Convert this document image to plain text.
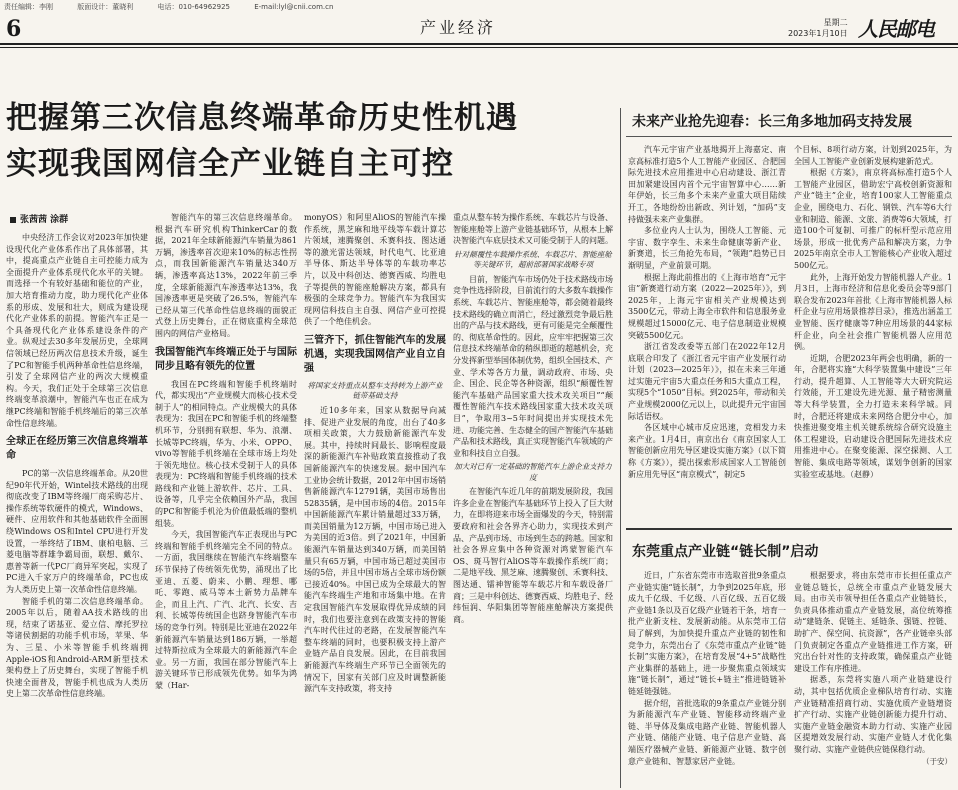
责任编辑：李刚	版面设计：董晓利	电话：010-64962925	E-mail:lyl@cnii.com.cn
6	产业经济	星期二
2023年1月10日 人民邮电
把握第三次信息终端革命历史性机遇
实现我国网信全产业链自主可控
张茜茜 涂群

中央经济工作会议对2023年加快建设现代化产业体系作出了具体部署，其中，提高重点产业链自主可控能力成为全面提升产业体系现代化水平的关键。而选择一个有较好基础和能位的产业，加大培育推动力度，助力现代化产业体系的形成、发展和壮大，则成为建设现代化产业体系的前提。智能汽车正是一个具备现代化产业体系建设条件的产业。纵观过去30多年发展历史，全球网信领域已经历两次信息技术升级，诞生了PC和智能手机两种革命性信息终端，引发了全球网信产业的两次大规模重构。今天，我们正处于全球第三次信息终端变革浪潮中，智能汽车也正在成为继PC终端和智能手机终端后的第三次革命性信息终端。

全球正在经历第三次信息终端革命

PC的第一次信息终端革命。从20世纪90年代开始，Wintel技术路线的出现彻底改变了IBM等终端厂商采购芯片、操作系统等软硬件的模式，Windows、硬件、应用软件和其他基础软件全面围绕Windows OS和Intel CPU进行开发设置，一举终结了IBM、康柏电脑、三菱电脑等群雄争霸局面，联想、戴尔、惠普等新一代PC厂商异军突起，实现了PC进入千家万户的终端革命，PC也成为人类历史上第一次革命性信息终端。

智能手机的第二次信息终端革命。2005年以后，随着AA技术路线的出现，结束了诺基亚、爱立信、摩托罗拉等诸侯割据的功能手机市场，苹果、华为、三星、小米等智能手机终端拥Apple-iOS和Android-ARM新型技术架构登上了历史舞台，实现了智能手机快速全面普及，智能手机也成为人类历史上第二次革命性信息终端。

智能汽车的第三次信息终端革命。根据汽车研究机构ThinkerCar的数据，2021年全球新能源汽车销量为861万辆，渗透率首次迎来10%的标志性拐点，而我国新能源汽车销量达340万辆，渗透率高达13%，2022年前三季度，全球新能源汽车渗透率达13%，我国渗透率更是突破了26.5%，智能汽车已经从第三代革命性信息终端的面貌正式登上历史舞台，正在彻底重构全球范围内的网信产业格局。

我国智能汽车终端正处于与国际同步且略有领先的位置

我国在PC终端和智能手机终端时代，都实现出“产业规模大而核心技术受制于人”的相同特点。产业规模大的具体表现为：我国在PC和智能手机的终端整机环节，分别拥有联想、华为、浪潮、长城等PC终端，华为、小米、OPPO、vivo等智能手机终端在全球市场上均处于领先地位。核心技术受制于人的具体表现为：PC终端和智能手机终端的技术路线和产业链上游软件、芯片、工具、设备等，几乎完全依赖国外产品，我国的PC和智能手机沦为价值最低端的整机组装。

今天，我国智能汽车正表现出与PC终端和智能手机终端完全不同的特点。一方面，我国继续在智能汽车终端整车环节保持了传统领先优势，涌现出了比亚迪、五菱、蔚来、小鹏、理想、哪吒、零跑、威马等本土新势力品牌车企，而且上汽、广汽、北汽、长安、吉利、长城等传统国企也跻身智能汽车市场的竞争行列。特别是比亚迪在2022年新能源汽车销量达到186万辆，一举超过特斯拉成为全球最大的新能源汽车企业。另一方面，我国在部分智能汽车上游关键环节已形成领先优势。如华为鸿蒙（Har-

monyOS）和阿里AliOS的智能汽车操作系统，黑芝麻和地平线等车载计算芯片领域，速腾聚创、禾赛科技、图达通等的激光雷达领域，时代电气、比亚迪半导体、斯达半导体等的车载功率芯片，以及中科创达、德赛西威、均胜电子等提供的智能座舱解决方案，都具有极强的全球竞争力。智能汽车为我国实现网信科技自主自强、网信产业可控提供了一个绝佳机会。

三管齐下，抓住智能汽车的发展机遇，实现我国网信产业自立自强
将国家支持重点从整车支持转为上游产业链带基础支持

近10多年来，国家从数据导向减排、促进产业发展的角度，出台了40多项相关政策，大力鼓励新能源汽车发展。其中，持续时间最长、影响程度最深的新能源汽车补贴政策直接推动了我国新能源汽车的快速发展。据中国汽车工业协会统计数据，2012年中国市场销售新能源汽车12791辆，美国市场售出52835辆，是中国市场的4倍。2015年中国新能源汽车累计销量超过33万辆，而美国销量为12万辆，中国市场已进入为美国的近3倍。到了2021年，中国新能源汽车销量达到340万辆，而美国销量只有65万辆，中国市场已超过美国市场的5倍，并且中国市场占全球市场份额已接近40%。中国已成为全球最大的智能汽车终端生产地和市场集中地。在肯定我国智能汽车发展取得优异成绩的同时，我们也要注意到在政策支持的智能汽车时代往过的老路，在发展智能汽车整车终端的同时，也要积极支持上游产业链产品自良发展。因此，在目前我国新能源汽车终端生产环节已全面领先的情况下，国家有关部门应及时调整新能源汽车支持政策，将支持

重点从整车转为操作系统、车载芯片与设备、智能座舱等上游产业链基础环节，从根本上解决智能汽车底层技术又可能受制于人的问题。

针对颠覆性车载操作系统、车载芯片、智能座舱等关键环节，超前部署国家战略专项

目前，智能汽车市场仍处于技术路线市场竞争性选择阶段，目前流行的大多数车载操作系统、车载芯片、智能座舱等，都会随着最终技术路线的确立而消亡，经过激烈竞争最后胜出的产品与技术路线，更有可能是完全颠覆性的、彻底革命性的。因此，应牢牢把握第三次信息技术终端革命的稍纵即逝的超越机会，充分发挥新型举国体制优势，组织全国技术、产业、学术等各方力量，调动政府、市场、央企、国企、民企等各种资源，组织“颠覆性智能汽车基础产品国家重大技术攻关项目”“颠覆性智能汽车技术路线国家重大技术攻关项目”，争取用3~5年时间提出并实现技术先进、功能完善、生态健全的国产智能汽车基础产品和技术路线，真正实现智能汽车领域的产业和科技自立自强。

加大对已有一定基础的智能汽车上游企业支持力度

在智能汽车近几年的前期发展阶段，我国许多企业在智能汽车基础环节上投入了巨大财力，在即将迎来市场全面爆发的今天，特别需要政府和社会各界齐心助力，实现技术到产品、产品到市场、市场到生态的跨越。国家和社会各界应集中各种资源对鸿蒙智能汽车OS、斑马智行AliOS等车载操作系统厂商；二是地平线、黑芝麻、速腾聚创、禾赛科技、图达通、镭神智能等车载芯片和车载设备厂商；三是中科创达、德赛西威、均胜电子、经纬恒润、华阳集团等智能座舱解决方案提供商。

未来产业抢先迎春：长三角多地加码支持发展

汽车元宇宙产业基地揭开上海嘉定、南京高标准打造5个人工智能产业园区、合肥国际先进技术应用推进中心启动建设、浙江青田加紧建设国内首个元宇宙智算中心……新年伊始，长三角多个未来产业重大项目陆续开工，各地纷纷出新政、列计划，“加码”支持做强未来产业集群。

多位业内人士认为，围绕人工智能、元宇宙、数字孪生、未来生命健康等新产业、新赛道，长三角抢先布局，“领跑”趋势已日渐明显，产业前景可期。

根据上海此前推出的《上海市培育“元宇宙”新赛道行动方案（2022—2025年）》，到2025年，上海元宇宙相关产业规模达到3500亿元，带动上海全市软件和信息服务业规模超过15000亿元、电子信息制造业规模突破5500亿元。

浙江省发改委等五部门在2022年12月底联合印发了《浙江省元宇宙产业发展行动计划（2023—2025年）》，拟在未来三年通过实施元宇宙5大重点任务和5大重点工程，实现5个“1050”目标。到2025年，带动和关产业规模2000亿元以上，以此提升元宇宙国际话语权。

各区域中心城市反应迅速，竞相发力未来产业。1月4日，南京出台《南京国家人工智能创新应用先导区建设实施方案》（以下简称《方案》），提出探索形成国家人工智能创新应用先导区“南京模式”，制定5

个目标、8项行动方案，计划到2025年，为全国人工智能产业创新发展构建新范式。

根据《方案》，南京将高标准打造5个人工智能产业园区，借助宏宁高校创新资源和产业“链主”企业，培育100家人工智能重点企业，围绕电力、石化、钢铁、汽车等6大行业和制造、能源、文旅、消费等6大领域，打造100个可复制、可推广的标杆型示范应用场景，形成一批优秀产品和解决方案，力争2025年南京全市人工智能核心产业收入超过500亿元。

此外，上海开始发力智能机器人产业。1月3日，上海市经济和信息化委员会等9部门联合发布2023年首批《上海市智能机器人标杆企业与应用场景推荐目录》，推选出涵盖工业智能、医疗健康等7种应用场景的44家标杆企业，向全社会推广智能机器人应用范例。

近期，合肥2023年两会也明确，新的一年，合肥将实施“大科学装置集中建设”三年行动，提升超算、人工智能等大大研究院运行效能，开工建设先进光源、量子精密测量等大科学装置，全力打造未来科学城。同时，合肥还将建成未来网络合肥分中心，加快推进聚变堆主机关键系统综合研究设施主体工程建设，启动建设合肥国际先进技术应用推进中心。在聚变能源、深空探测、人工智能、集成电路等领域，谋划争创新的国家实验室或基地。（赵静）

东莞重点产业链“链长制”启动

近日，广东省东莞市市选取首批9条重点产业链实施“链长制”，力争到2025年底，形成九千亿级、千亿级、八百亿级、五百亿级产业链1条以及百亿级产业链若干条，培育一批产业新支柱、发展新动能。从东莞市工信局了解到，为加快提升重点产业链的韧性和竞争力，东莞出台了《东莞市重点产业链“链长制”实施方案》，在培育发展“4+5”战略性产业集群的基础上，进一步聚焦重点领域实施“链长制”，通过“链长+链主”推进链链补链延链强链。

据介绍，首批选取的9条重点产业链分别为新能源汽车产业链、智能移动终端产业链、半导体及集成电路产业链、智能机器人产业链、储能产业链、电子信息产业链、高端医疗器械产业链、新能源产业链、数字创意产业链和、智慧家居产业链。

根据要求，将由东莞市市长担任重点产业链总链长，总统全市重点产业链发展大局。由市关市领导担任各重点产业链链长，负责具体推动重点产业链发展，高位统筹推动“建链条、促链主、延链条、强链、控链、助扩产、保空间、抗资源”，各产业链牵头部门负责制定各重点产业链推进工作方案，研究出台针对性的支持政策，确保重点产业链建设工作有序推进。

据悉，东莞将实施八项产业链建设行动，其中包括优质企业梯队培育行动、实施产业链精准招商行动、实施优质产业链增资扩产行动、实施产业链创新能力提升行动、实施产业链金融资本助力行动、实施产业园区提增效发展行动、实施产业链人才优化集聚行动、实施产业链供应链保稳行动。

（于安）
